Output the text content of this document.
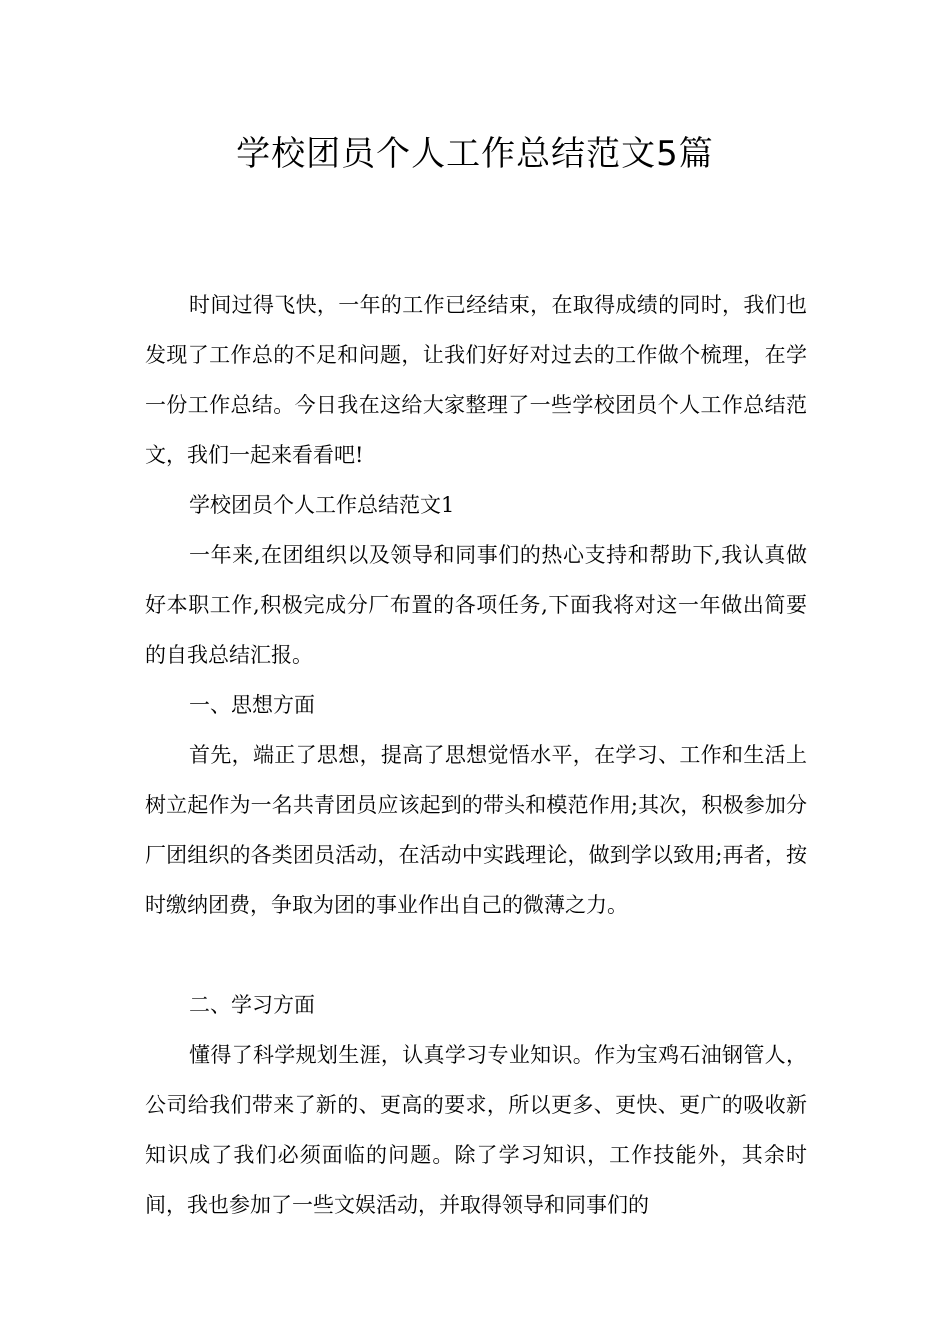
学校团员个人工作总结范文5篇

时间过得飞快，一年的工作已经结束，在取得成绩的同时，我们也发现了工作总的不足和问题，让我们好好对过去的工作做个梳理，在学一份工作总结。今日我在这给大家整理了一些学校团员个人工作总结范文，我们一起来看看吧!

学校团员个人工作总结范文1

一年来,在团组织以及领导和同事们的热心支持和帮助下,我认真做好本职工作,积极完成分厂布置的各项任务,下面我将对这一年做出简要的自我总结汇报。

一、思想方面

首先，端正了思想，提高了思想觉悟水平，在学习、工作和生活上树立起作为一名共青团员应该起到的带头和模范作用;其次，积极参加分厂团组织的各类团员活动，在活动中实践理论，做到学以致用;再者，按时缴纳团费，争取为团的事业作出自己的微薄之力。

二、学习方面

懂得了科学规划生涯，认真学习专业知识。作为宝鸡石油钢管人，公司给我们带来了新的、更高的要求，所以更多、更快、更广的吸收新知识成了我们必须面临的问题。除了学习知识，工作技能外，其余时间，我也参加了一些文娱活动，并取得领导和同事们的
